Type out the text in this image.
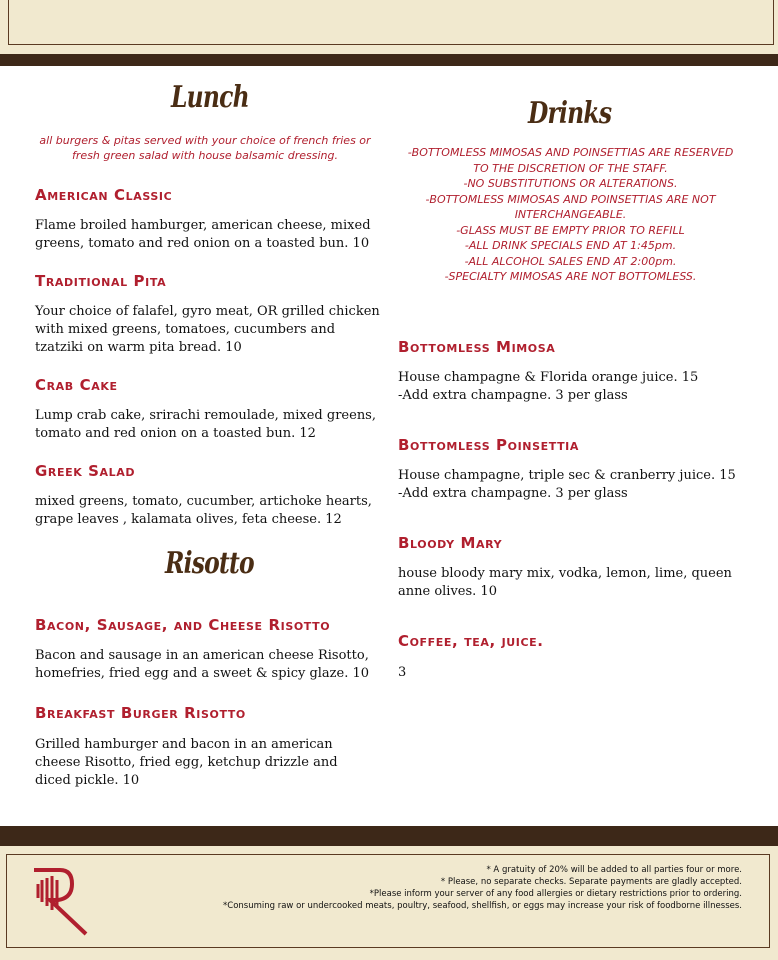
Lunch
all burgers & pitas served with your choice of french fries or fresh green salad with house balsamic dressing.
American Classic
Flame broiled hamburger, american cheese, mixed greens, tomato and red onion on a toasted bun. 10
Traditional Pita
Your choice of falafel, gyro meat, OR grilled chicken with mixed greens, tomatoes, cucumbers and tzatziki on warm pita bread. 10
Crab Cake
Lump crab cake, srirachi remoulade, mixed greens, tomato and red onion on a toasted bun. 12
Greek Salad
mixed greens, tomato, cucumber, artichoke hearts, grape leaves , kalamata olives, feta cheese. 12
Risotto
Bacon, Sausage, and Cheese Risotto
Bacon and sausage in an american cheese Risotto, homefries, fried egg and a sweet & spicy glaze. 10
Breakfast Burger Risotto
Grilled hamburger and bacon in an american cheese Risotto, fried egg, ketchup drizzle and diced pickle. 10
Drinks
-BOTTOMLESS MIMOSAS AND POINSETTIAS ARE RESERVED
TO THE DISCRETION OF THE STAFF.
-NO SUBSTITUTIONS OR ALTERATIONS.
-BOTTOMLESS MIMOSAS AND POINSETTIAS ARE NOT
INTERCHANGEABLE.
-GLASS MUST BE EMPTY PRIOR TO REFILL
-ALL DRINK SPECIALS END AT 1:45pm.
-ALL ALCOHOL SALES END AT 2:00pm.
-SPECIALTY MIMOSAS ARE NOT BOTTOMLESS.
Bottomless Mimosa
House champagne & Florida orange juice. 15
-Add extra champagne. 3 per glass
Bottomless Poinsettia
House champagne, triple sec & cranberry juice. 15
-Add extra champagne. 3 per glass
Bloody Mary
house bloody mary mix, vodka, lemon, lime, queen anne olives. 10
Coffee, tea, juice.
3
* A gratuity of 20% will be added to all parties four or more.
* Please, no separate checks. Separate payments are gladly accepted.
*Please inform your server of any food allergies or dietary restrictions prior to ordering.
*Consuming raw or undercooked meats, poultry, seafood, shellfish, or eggs may increase your risk of foodborne illnesses.
